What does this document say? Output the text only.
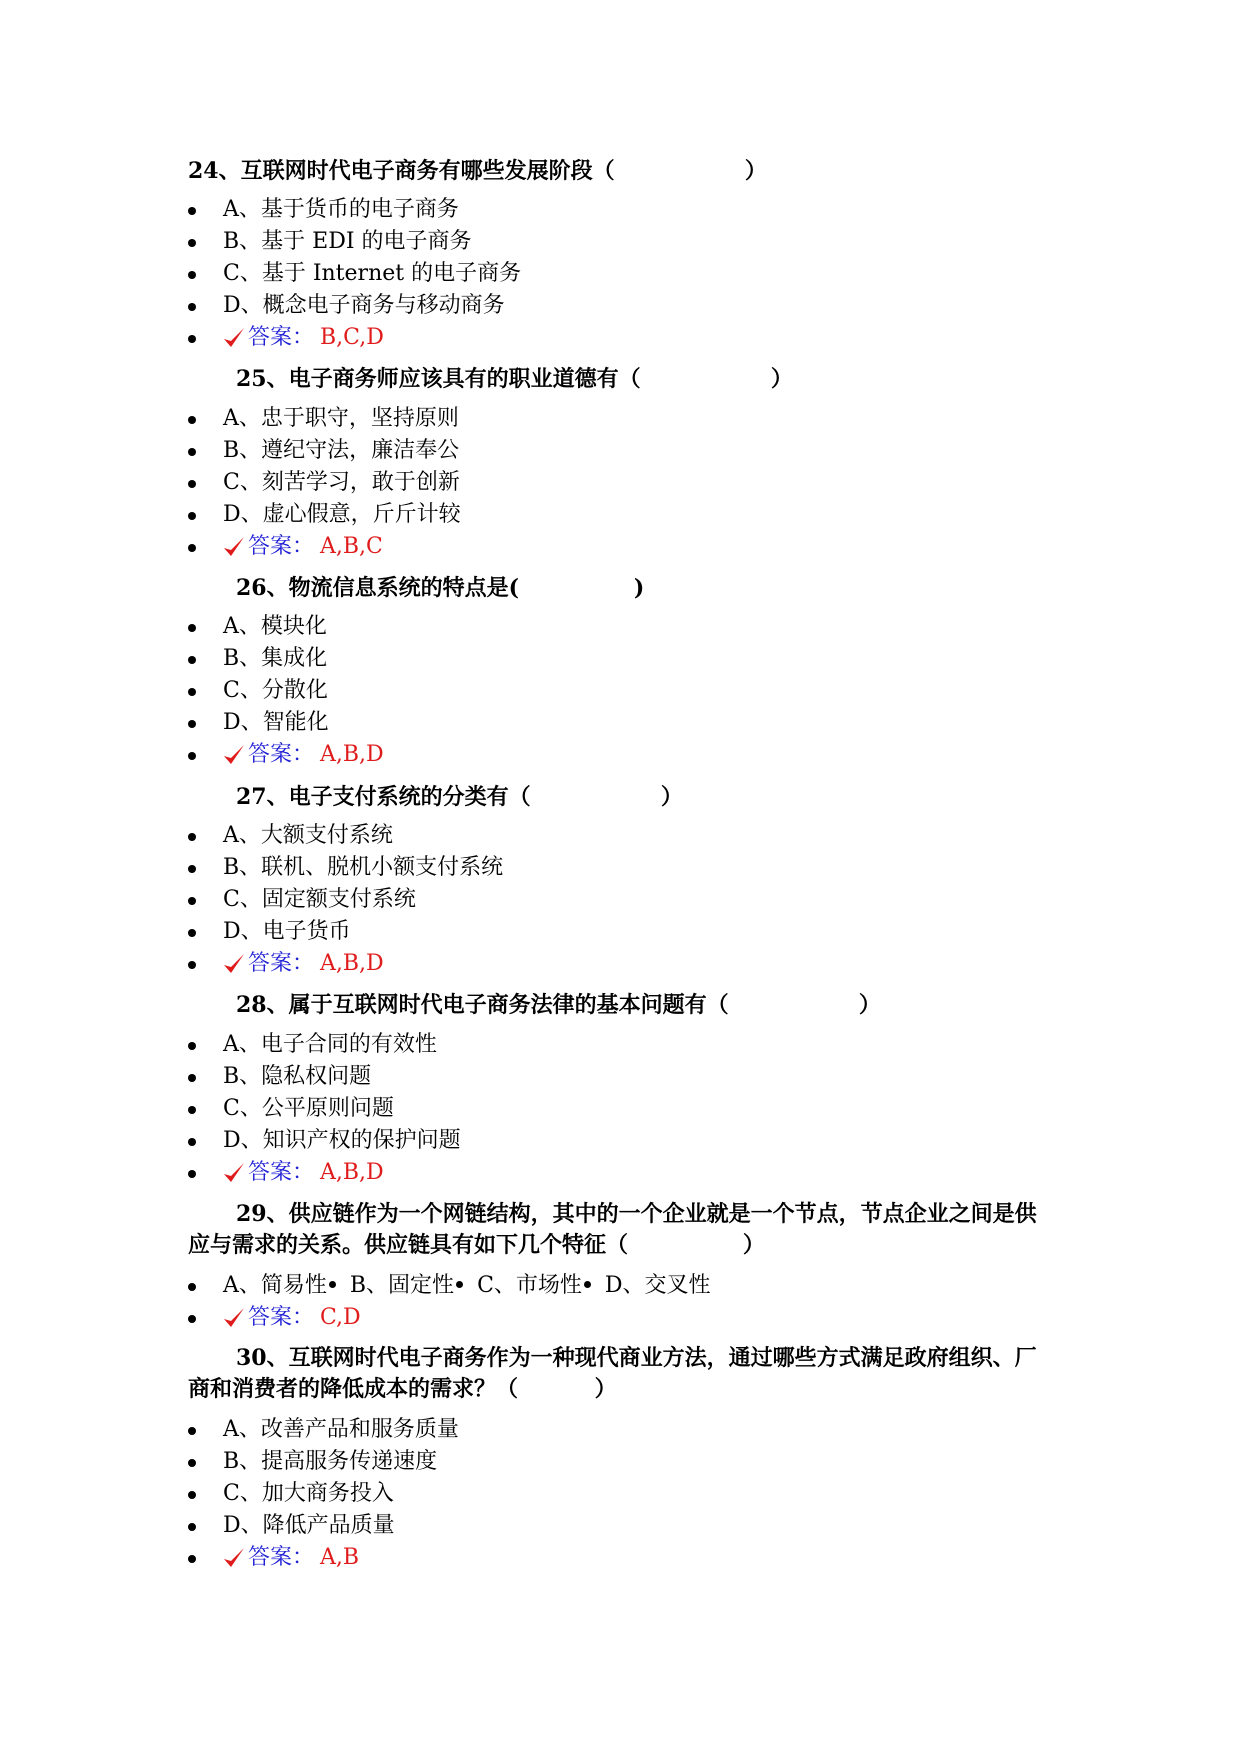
24、互联网时代电子商务有哪些发展阶段（                 ）
A、基于货币的电子商务
B、基于 EDI 的电子商务
C、基于 Internet 的电子商务
D、概念电子商务与移动商务
答案： B,C,D
25、电子商务师应该具有的职业道德有（                 ）
A、忠于职守，坚持原则
B、遵纪守法，廉洁奉公
C、刻苦学习，敢于创新
D、虚心假意，斤斤计较
答案： A,B,C
26、物流信息系统的特点是(               )
A、模块化
B、集成化
C、分散化
D、智能化
答案： A,B,D
27、电子支付系统的分类有（                 ）
A、大额支付系统
B、联机、脱机小额支付系统
C、固定额支付系统
D、电子货币
答案： A,B,D
28、属于互联网时代电子商务法律的基本问题有（                 ）
A、电子合同的有效性
B、隐私权问题
C、公平原则问题
D、知识产权的保护问题
答案： A,B,D
29、供应链作为一个网链结构，其中的一个企业就是一个节点，节点企业之间是供应与需求的关系。供应链具有如下几个特征（               ）

A、简易性 B、固定性 C、市场性 D、交叉性

答案： C,D
30、互联网时代电子商务作为一种现代商业方法，通过哪些方式满足政府组织、厂商和消费者的降低成本的需求？（          ）
A、改善产品和服务质量
B、提高服务传递速度
C、加大商务投入
D、降低产品质量
答案： A,B
